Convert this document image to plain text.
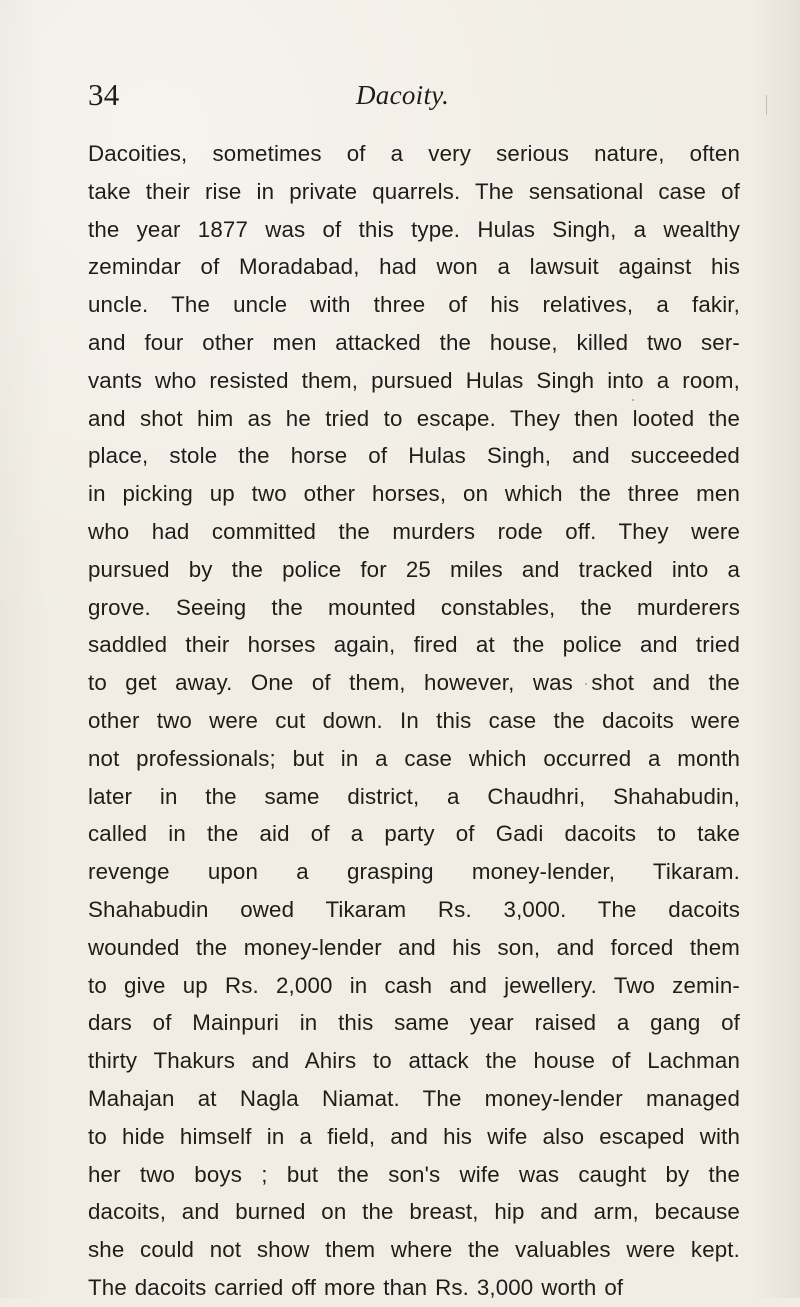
34	Dacoity.
Dacoities, sometimes of a very serious nature, often
take their rise in private quarrels. The sensational case of
the year 1877 was of this type. Hulas Singh, a wealthy
zemindar of Moradabad, had won a lawsuit against his
uncle. The uncle with three of his relatives, a fakir,
and four other men attacked the house, killed two ser-
vants who resisted them, pursued Hulas Singh into a room,
and shot him as he tried to escape. They then looted the
place, stole the horse of Hulas Singh, and succeeded
in picking up two other horses, on which the three men
who had committed the murders rode off. They were
pursued by the police for 25 miles and tracked into a
grove. Seeing the mounted constables, the murderers
saddled their horses again, fired at the police and tried
to get away. One of them, however, was shot and the
other two were cut down. In this case the dacoits were
not professionals; but in a case which occurred a month
later in the same district, a Chaudhri, Shahabudin,
called in the aid of a party of Gadi dacoits to take
revenge upon a grasping money-lender, Tikaram.
Shahabudin owed Tikaram Rs. 3,000. The dacoits
wounded the money-lender and his son, and forced them
to give up Rs. 2,000 in cash and jewellery. Two zemin-
dars of Mainpuri in this same year raised a gang of
thirty Thakurs and Ahirs to attack the house of Lachman
Mahajan at Nagla Niamat. The money-lender managed
to hide himself in a field, and his wife also escaped with
her two boys ; but the son's wife was caught by the
dacoits, and burned on the breast, hip and arm, because
she could not show them where the valuables were kept.
The dacoits carried off more than Rs. 3,000 worth of
